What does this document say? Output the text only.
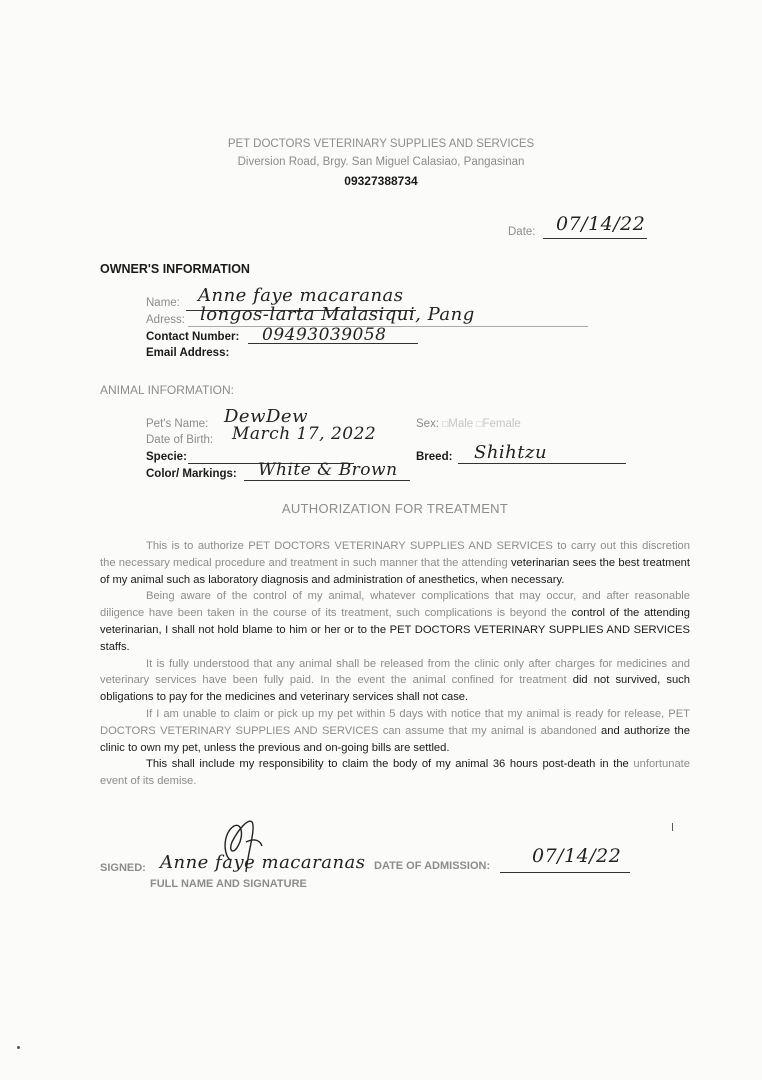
PET DOCTORS VETERINARY SUPPLIES AND SERVICES
Diversion Road, Brgy. San Miguel Calasiao, Pangasinan
09327388734
Date: 07/14/22
OWNER'S INFORMATION
Name: Anne faye macaranas
Adress: longos-larta Malasiqui, Pang
Contact Number: 09493039058
Email Address:
ANIMAL INFORMATION:
Pet's Name: DewDew
Date of Birth: March 17, 2022
Specie:
Color/ Markings: White & Brown
Sex: □Male □Female
Breed: Shihtzu
AUTHORIZATION FOR TREATMENT

This is to authorize PET DOCTORS VETERINARY SUPPLIES AND SERVICES to carry out this discretion the necessary medical procedure and treatment in such manner that the attending veterinarian sees the best treatment of my animal such as laboratory diagnosis and administration of anesthetics, when necessary.

Being aware of the control of my animal, whatever complications that may occur, and after reasonable diligence have been taken in the course of its treatment, such complications is beyond the control of the attending veterinarian, I shall not hold blame to him or her or to the PET DOCTORS VETERINARY SUPPLIES AND SERVICES staffs.

It is fully understood that any animal shall be released from the clinic only after charges for medicines and veterinary services have been fully paid. In the event the animal confined for treatment did not survived, such obligations to pay for the medicines and veterinary services shall not case.

If I am unable to claim or pick up my pet within 5 days with notice that my animal is ready for release, PET DOCTORS VETERINARY SUPPLIES AND SERVICES can assume that my animal is abandoned and authorize the clinic to own my pet, unless the previous and on-going bills are settled.

This shall include my responsibility to claim the body of my animal 36 hours post-death in the unfortunate event of its demise.

SIGNED: Anne faye macaranas
FULL NAME AND SIGNATURE
DATE OF ADMISSION: 07/14/22
